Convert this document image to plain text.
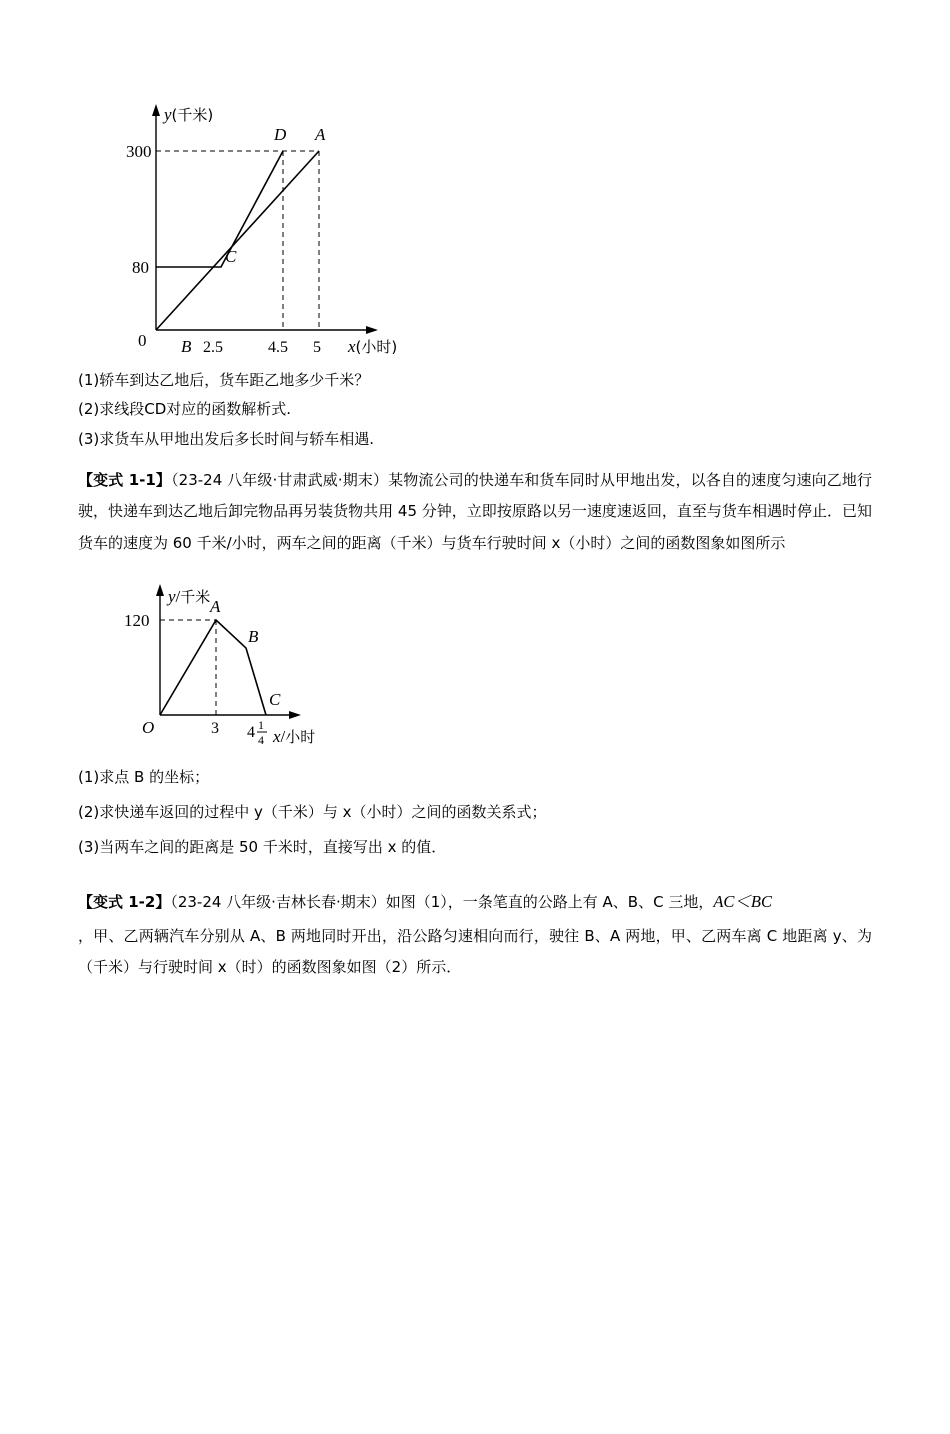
300
80
0	2.5	4.5 5
D A
C
B
y(千米)
x(小时)

(1)轿车到达乙地后，货车距乙地多少千米？

(2)求线段CD对应的函数解析式.

(3)求货车从甲地出发后多长时间与轿车相遇.

【变式 1-1】（23-24 八年级·甘肃武威·期末）某物流公司的快递车和货车同时从甲地出发，以各自的速度匀速向乙地行驶，快递车到达乙地后卸完物品再另装货物共用 45 分钟，立即按原路以另一速度速返回，直至与货车相遇时停止．已知货车的速度为 60 千米/小时，两车之间的距离（千米）与货车行驶时间 x（小时）之间的函数图象如图所示

120
O	3 4 1
4
A
B
C
y/千米
x/小时

(1)求点 B 的坐标；

(2)求快递车返回的过程中 y（千米）与 x（小时）之间的函数关系式；

(3)当两车之间的距离是 50 千米时，直接写出 x 的值．

【变式 1-2】（23-24 八年级·吉林长春·期末）如图（1），一条笔直的公路上有 A、B、C 三地，AC＜BC

，甲、乙两辆汽车分别从 A、B 两地同时开出，沿公路匀速相向而行，驶往 B、A 两地，甲、乙两车离 C 地距离 y、为（千米）与行驶时间 x（时）的函数图象如图（2）所示．
